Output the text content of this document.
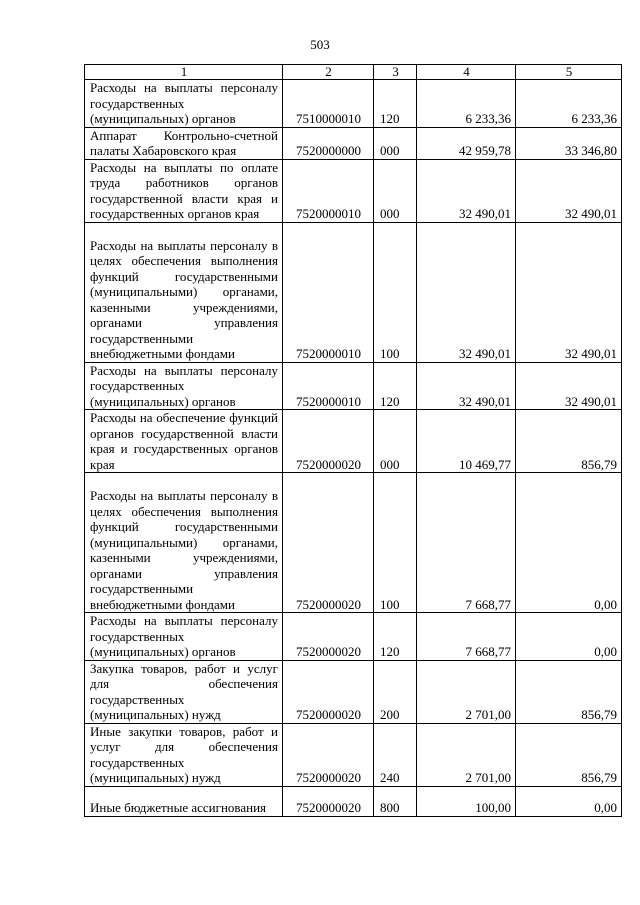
503
1	2	3	4	5
Расходы на выплаты персоналу государственных (муниципальных) органов	7510000010	120	6 233,36	6 233,36
Аппарат Контрольно-счетной палаты Хабаровского края	7520000000	000	42 959,78	33 346,80
Расходы на выплаты по оплате труда работников органов государственной власти края и государственных органов края	7520000010	000	32 490,01	32 490,01
Расходы на выплаты персоналу в целях обеспечения выполнения функций государственными (муниципальными) органами, казенными учреждениями, органами управления государственными внебюджетными фондами	7520000010	100	32 490,01	32 490,01
Расходы на выплаты персоналу государственных (муниципальных) органов	7520000010	120	32 490,01	32 490,01
Расходы на обеспечение функций органов государственной власти края и государственных органов края	7520000020	000	10 469,77	856,79
Расходы на выплаты персоналу в целях обеспечения выполнения функций государственными (муниципальными) органами, казенными учреждениями, органами управления государственными внебюджетными фондами	7520000020	100	7 668,77	0,00
Расходы на выплаты персоналу государственных (муниципальных) органов	7520000020	120	7 668,77	0,00
Закупка товаров, работ и услуг для обеспечения государственных (муниципальных) нужд	7520000020	200	2 701,00	856,79
Иные закупки товаров, работ и услуг для обеспечения государственных (муниципальных) нужд	7520000020	240	2 701,00	856,79
Иные бюджетные ассигнования	7520000020	800	100,00	0,00
